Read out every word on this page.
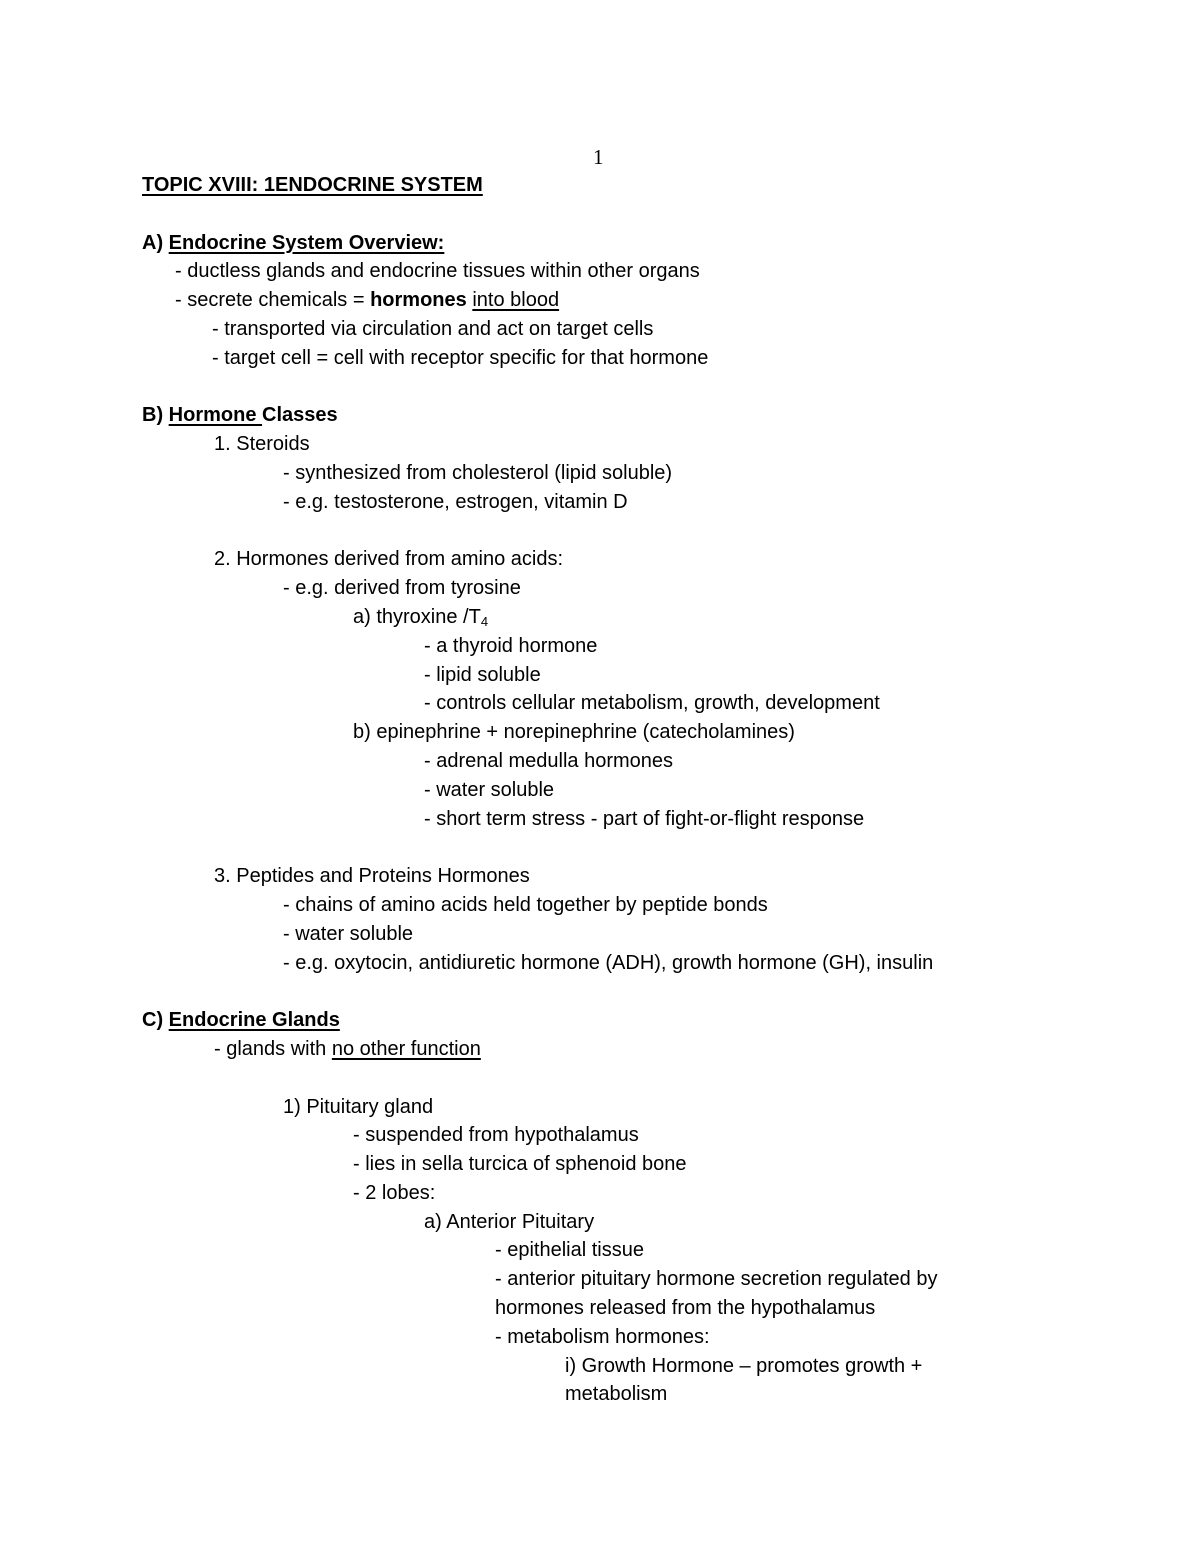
1
TOPIC XVIII: 1ENDOCRINE SYSTEM
A) Endocrine System Overview:
- ductless glands and endocrine tissues within other organs
- secrete chemicals = hormones into blood
- transported via circulation and act on target cells
- target cell = cell with receptor specific for that hormone
B) Hormone Classes
1. Steroids
- synthesized from cholesterol (lipid soluble)
- e.g. testosterone, estrogen, vitamin D
2. Hormones derived from amino acids:
- e.g. derived from tyrosine
a) thyroxine $/T_4$
- a thyroid hormone
- lipid soluble
- controls cellular metabolism, growth, development
b) epinephrine + norepinephrine (catecholamines)
- adrenal medulla hormones
- water soluble
- short term stress - part of fight-or-flight response
3. Peptides and Proteins Hormones
- chains of amino acids held together by peptide bonds
- water soluble
- e.g. oxytocin, antidiuretic hormone (ADH), growth hormone (GH), insulin
C) Endocrine Glands
- glands with no other function
1) Pituitary gland
- suspended from hypothalamus
- lies in sella turcica of sphenoid bone
- 2 lobes:
a) Anterior Pituitary
- epithelial tissue
- anterior pituitary hormone secretion regulated by
hormones released from the hypothalamus
- metabolism hormones:
i) Growth Hormone – promotes growth +
metabolism
